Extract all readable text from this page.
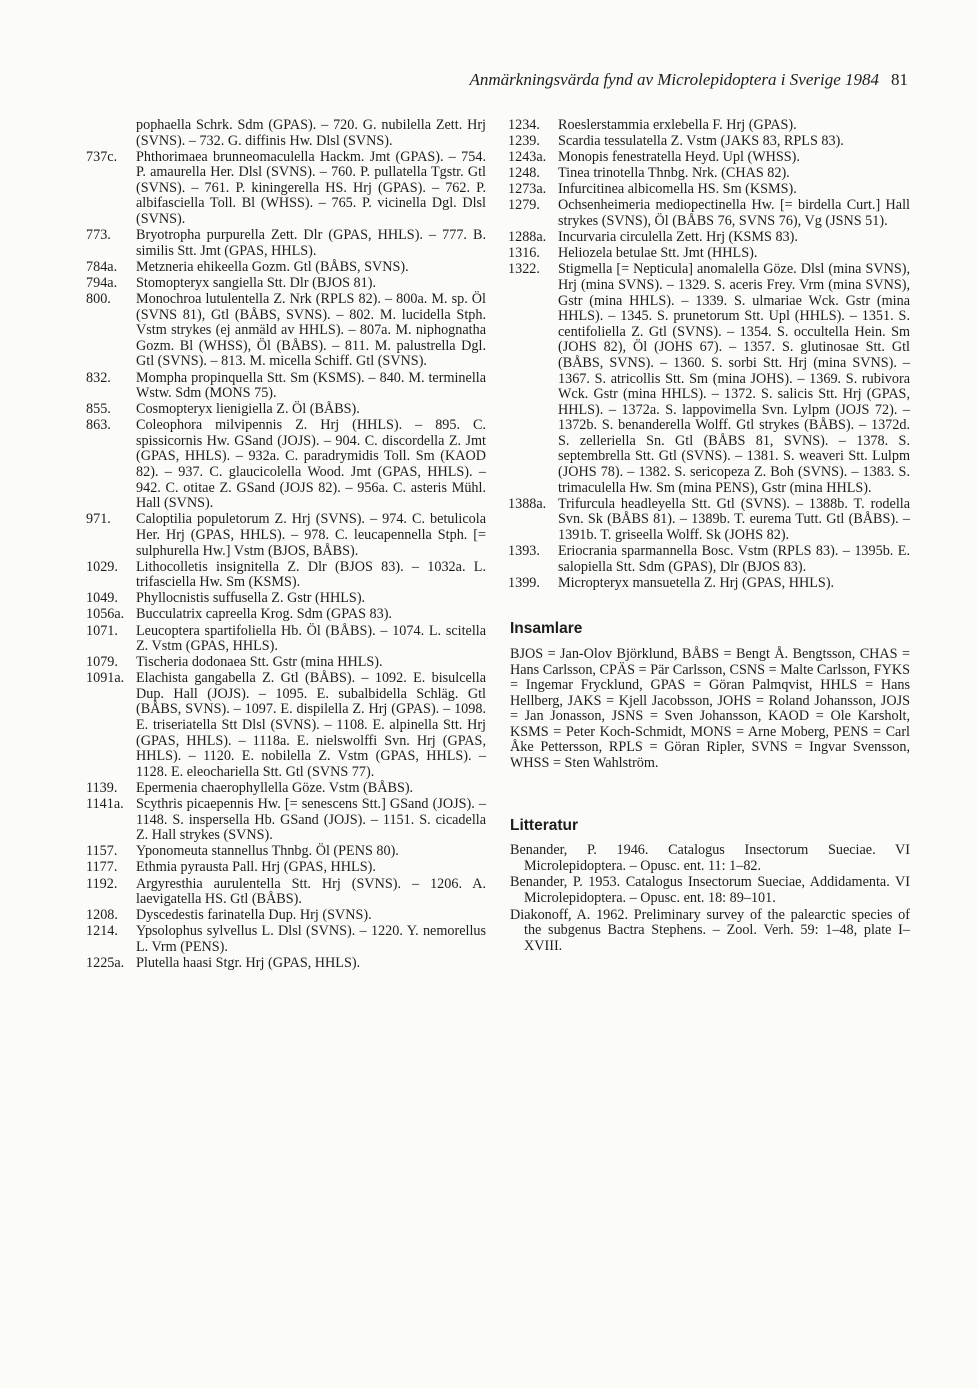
Anmärkningsvärda fynd av Microlepidoptera i Sverige 1984 81
pophaella Schrk. Sdm (GPAS). – 720. G. nubilella Zett. Hrj (SVNS). – 732. G. diffinis Hw. Dlsl (SVNS).
737c.	Phthorimaea brunneomaculella Hackm. Jmt (GPAS). – 754. P. amaurella Her. Dlsl (SVNS). – 760. P. pullatella Tgstr. Gtl (SVNS). – 761. P. kiningerella HS. Hrj (GPAS). – 762. P. albifasciella Toll. Bl (WHSS). – 765. P. vicinella Dgl. Dlsl (SVNS).
773.	Bryotropha purpurella Zett. Dlr (GPAS, HHLS). – 777. B. similis Stt. Jmt (GPAS, HHLS).
784a.	Metzneria ehikeella Gozm. Gtl (BÅBS, SVNS).
794a.	Stomopteryx sangiella Stt. Dlr (BJOS 81).
800.	Monochroa lutulentella Z. Nrk (RPLS 82). – 800a. M. sp. Öl (SVNS 81), Gtl (BÅBS, SVNS). – 802. M. lucidella Stph. Vstm strykes (ej anmäld av HHLS). – 807a. M. niphognatha Gozm. Bl (WHSS), Öl (BÅBS). – 811. M. palustrella Dgl. Gtl (SVNS). – 813. M. micella Schiff. Gtl (SVNS).
832.	Mompha propinquella Stt. Sm (KSMS). – 840. M. terminella Wstw. Sdm (MONS 75).
855.	Cosmopteryx lienigiella Z. Öl (BÅBS).
863.	Coleophora milvipennis Z. Hrj (HHLS). – 895. C. spissicornis Hw. GSand (JOJS). – 904. C. discordella Z. Jmt (GPAS, HHLS). – 932a. C. paradrymidis Toll. Sm (KAOD 82). – 937. C. glaucicolella Wood. Jmt (GPAS, HHLS). – 942. C. otitae Z. GSand (JOJS 82). – 956a. C. asteris Mühl. Hall (SVNS).
971.	Caloptilia populetorum Z. Hrj (SVNS). – 974. C. betulicola Her. Hrj (GPAS, HHLS). – 978. C. leucapennella Stph. [= sulphurella Hw.] Vstm (BJOS, BÅBS).
1029.	Lithocolletis insignitella Z. Dlr (BJOS 83). – 1032a. L. trifasciella Hw. Sm (KSMS).
1049.	Phyllocnistis suffusella Z. Gstr (HHLS).
1056a. Bucculatrix capreella Krog. Sdm (GPAS 83).
1071.	Leucoptera spartifoliella Hb. Öl (BÅBS). – 1074. L. scitella Z. Vstm (GPAS, HHLS).
1079.	Tischeria dodonaea Stt. Gstr (mina HHLS).
1091a. Elachista gangabella Z. Gtl (BÅBS). – 1092. E. bisulcella Dup. Hall (JOJS). – 1095. E. subalbidella Schläg. Gtl (BÅBS, SVNS). – 1097. E. dispilella Z. Hrj (GPAS). – 1098. E. triseriatella Stt Dlsl (SVNS). – 1108. E. alpinella Stt. Hrj (GPAS, HHLS). – 1118a. E. nielswolffi Svn. Hrj (GPAS, HHLS). – 1120. E. nobilella Z. Vstm (GPAS, HHLS). – 1128. E. eleochariella Stt. Gtl (SVNS 77).
1139.	Epermenia chaerophyllella Göze. Vstm (BÅBS).
1141a. Scythris picaepennis Hw. [= senescens Stt.] GSand (JOJS). – 1148. S. inspersella Hb. GSand (JOJS). – 1151. S. cicadella Z. Hall strykes (SVNS).
1157.	Yponomeuta stannellus Thnbg. Öl (PENS 80).
1177.	Ethmia pyrausta Pall. Hrj (GPAS, HHLS).
1192.	Argyresthia aurulentella Stt. Hrj (SVNS). – 1206. A. laevigatella HS. Gtl (BÅBS).
1208.	Dyscedestis farinatella Dup. Hrj (SVNS).
1214.	Ypsolophus sylvellus L. Dlsl (SVNS). – 1220. Y. nemorellus L. Vrm (PENS).
1225a. Plutella haasi Stgr. Hrj (GPAS, HHLS).
1234.	Roeslerstammia erxlebella F. Hrj (GPAS).
1239.	Scardia tessulatella Z. Vstm (JAKS 83, RPLS 83).
1243a. Monopis fenestratella Heyd. Upl (WHSS).
1248.	Tinea trinotella Thnbg. Nrk. (CHAS 82).
1273a. Infurcitinea albicomella HS. Sm (KSMS).
1279.	Ochsenheimeria mediopectinella Hw. [= birdella Curt.] Hall strykes (SVNS), Öl (BÅBS 76, SVNS 76), Vg (JSNS 51).
1288a. Incurvaria circulella Zett. Hrj (KSMS 83).
1316.	Heliozela betulae Stt. Jmt (HHLS).
1322.	Stigmella [= Nepticula] anomalella Göze. Dlsl (mina SVNS), Hrj (mina SVNS). – 1329. S. aceris Frey. Vrm (mina SVNS), Gstr (mina HHLS). – 1339. S. ulmariae Wck. Gstr (mina HHLS). – 1345. S. prunetorum Stt. Upl (HHLS). – 1351. S. centifoliella Z. Gtl (SVNS). – 1354. S. occultella Hein. Sm (JOHS 82), Öl (JOHS 67). – 1357. S. glutinosae Stt. Gtl (BÅBS, SVNS). – 1360. S. sorbi Stt. Hrj (mina SVNS). – 1367. S. atricollis Stt. Sm (mina JOHS). – 1369. S. rubivora Wck. Gstr (mina HHLS). – 1372. S. salicis Stt. Hrj (GPAS, HHLS). – 1372a. S. lappovimella Svn. Lylpm (JOJS 72). – 1372b. S. benanderella Wolff. Gtl strykes (BÅBS). – 1372d. S. zelleriella Sn. Gtl (BÅBS 81, SVNS). – 1378. S. septembrella Stt. Gtl (SVNS). – 1381. S. weaveri Stt. Lulpm (JOHS 78). – 1382. S. sericopeza Z. Boh (SVNS). – 1383. S. trimaculella Hw. Sm (mina PENS), Gstr (mina HHLS).
1388a. Trifurcula headleyella Stt. Gtl (SVNS). – 1388b. T. rodella Svn. Sk (BÅBS 81). – 1389b. T. eurema Tutt. Gtl (BÅBS). – 1391b. T. griseella Wolff. Sk (JOHS 82).
1393.	Eriocrania sparmannella Bosc. Vstm (RPLS 83). – 1395b. E. salopiella Stt. Sdm (GPAS), Dlr (BJOS 83).
1399.	Micropteryx mansuetella Z. Hrj (GPAS, HHLS).
Insamlare
BJOS = Jan-Olov Björklund, BÅBS = Bengt Å. Bengtsson, CHAS = Hans Carlsson, CPÄS = Pär Carlsson, CSNS = Malte Carlsson, FYKS = Ingemar Frycklund, GPAS = Göran Palmqvist, HHLS = Hans Hellberg, JAKS = Kjell Jacobsson, JOHS = Roland Johansson, JOJS = Jan Jonasson, JSNS = Sven Johansson, KAOD = Ole Karsholt, KSMS = Peter Koch-Schmidt, MONS = Arne Moberg, PENS = Carl Åke Pettersson, RPLS = Göran Ripler, SVNS = Ingvar Svensson, WHSS = Sten Wahlström.
Litteratur
Benander, P. 1946. Catalogus Insectorum Sueciae. VI Microlepidoptera. – Opusc. ent. 11: 1–82.
Benander, P. 1953. Catalogus Insectorum Sueciae, Addidamenta. VI Microlepidoptera. – Opusc. ent. 18: 89–101.
Diakonoff, A. 1962. Preliminary survey of the palearctic species of the subgenus Bactra Stephens. – Zool. Verh. 59: 1–48, plate I–XVIII.
